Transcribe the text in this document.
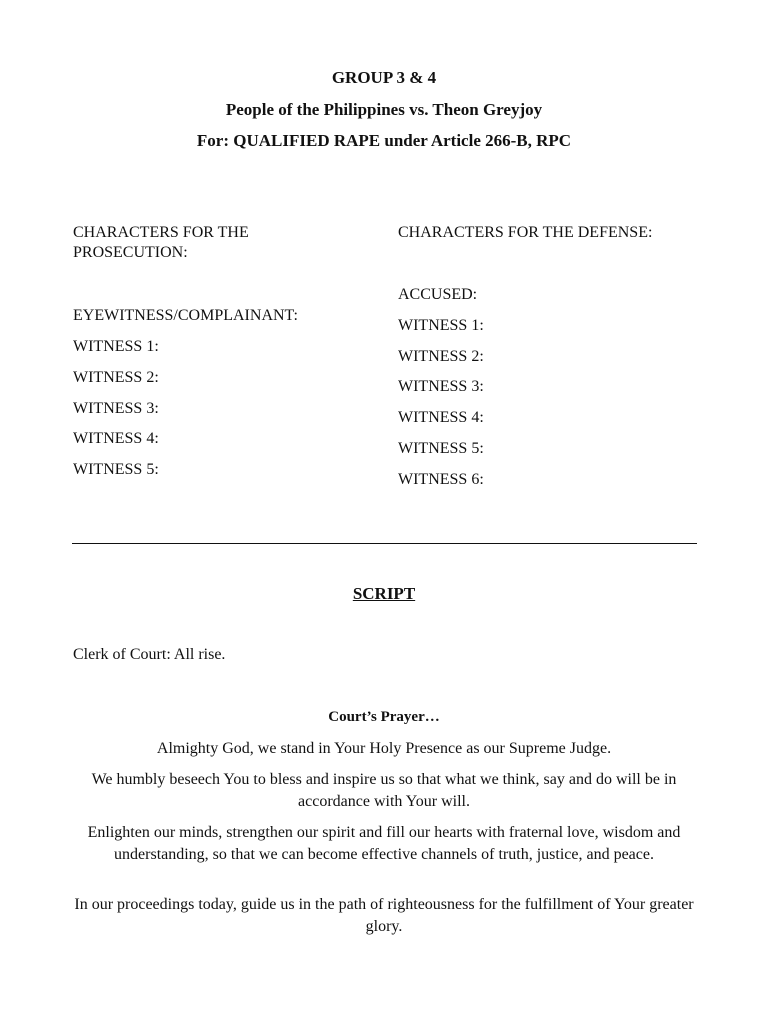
GROUP 3 & 4
People of the Philippines vs. Theon Greyjoy
For: QUALIFIED RAPE under Article 266-B, RPC
CHARACTERS FOR THE PROSECUTION:
EYEWITNESS/COMPLAINANT:
WITNESS 1:
WITNESS 2:
WITNESS 3:
WITNESS 4:
WITNESS 5:
CHARACTERS FOR THE DEFENSE:
ACCUSED:
WITNESS 1:
WITNESS 2:
WITNESS 3:
WITNESS 4:
WITNESS 5:
WITNESS 6:
SCRIPT
Clerk of Court: All rise.
Court’s Prayer…
Almighty God, we stand in Your Holy Presence as our Supreme Judge.
We humbly beseech You to bless and inspire us so that what we think, say and do will be in accordance with Your will.
Enlighten our minds, strengthen our spirit and fill our hearts with fraternal love, wisdom and understanding, so that we can become effective channels of truth, justice, and peace.
In our proceedings today, guide us in the path of righteousness for the fulfillment of Your greater glory.
